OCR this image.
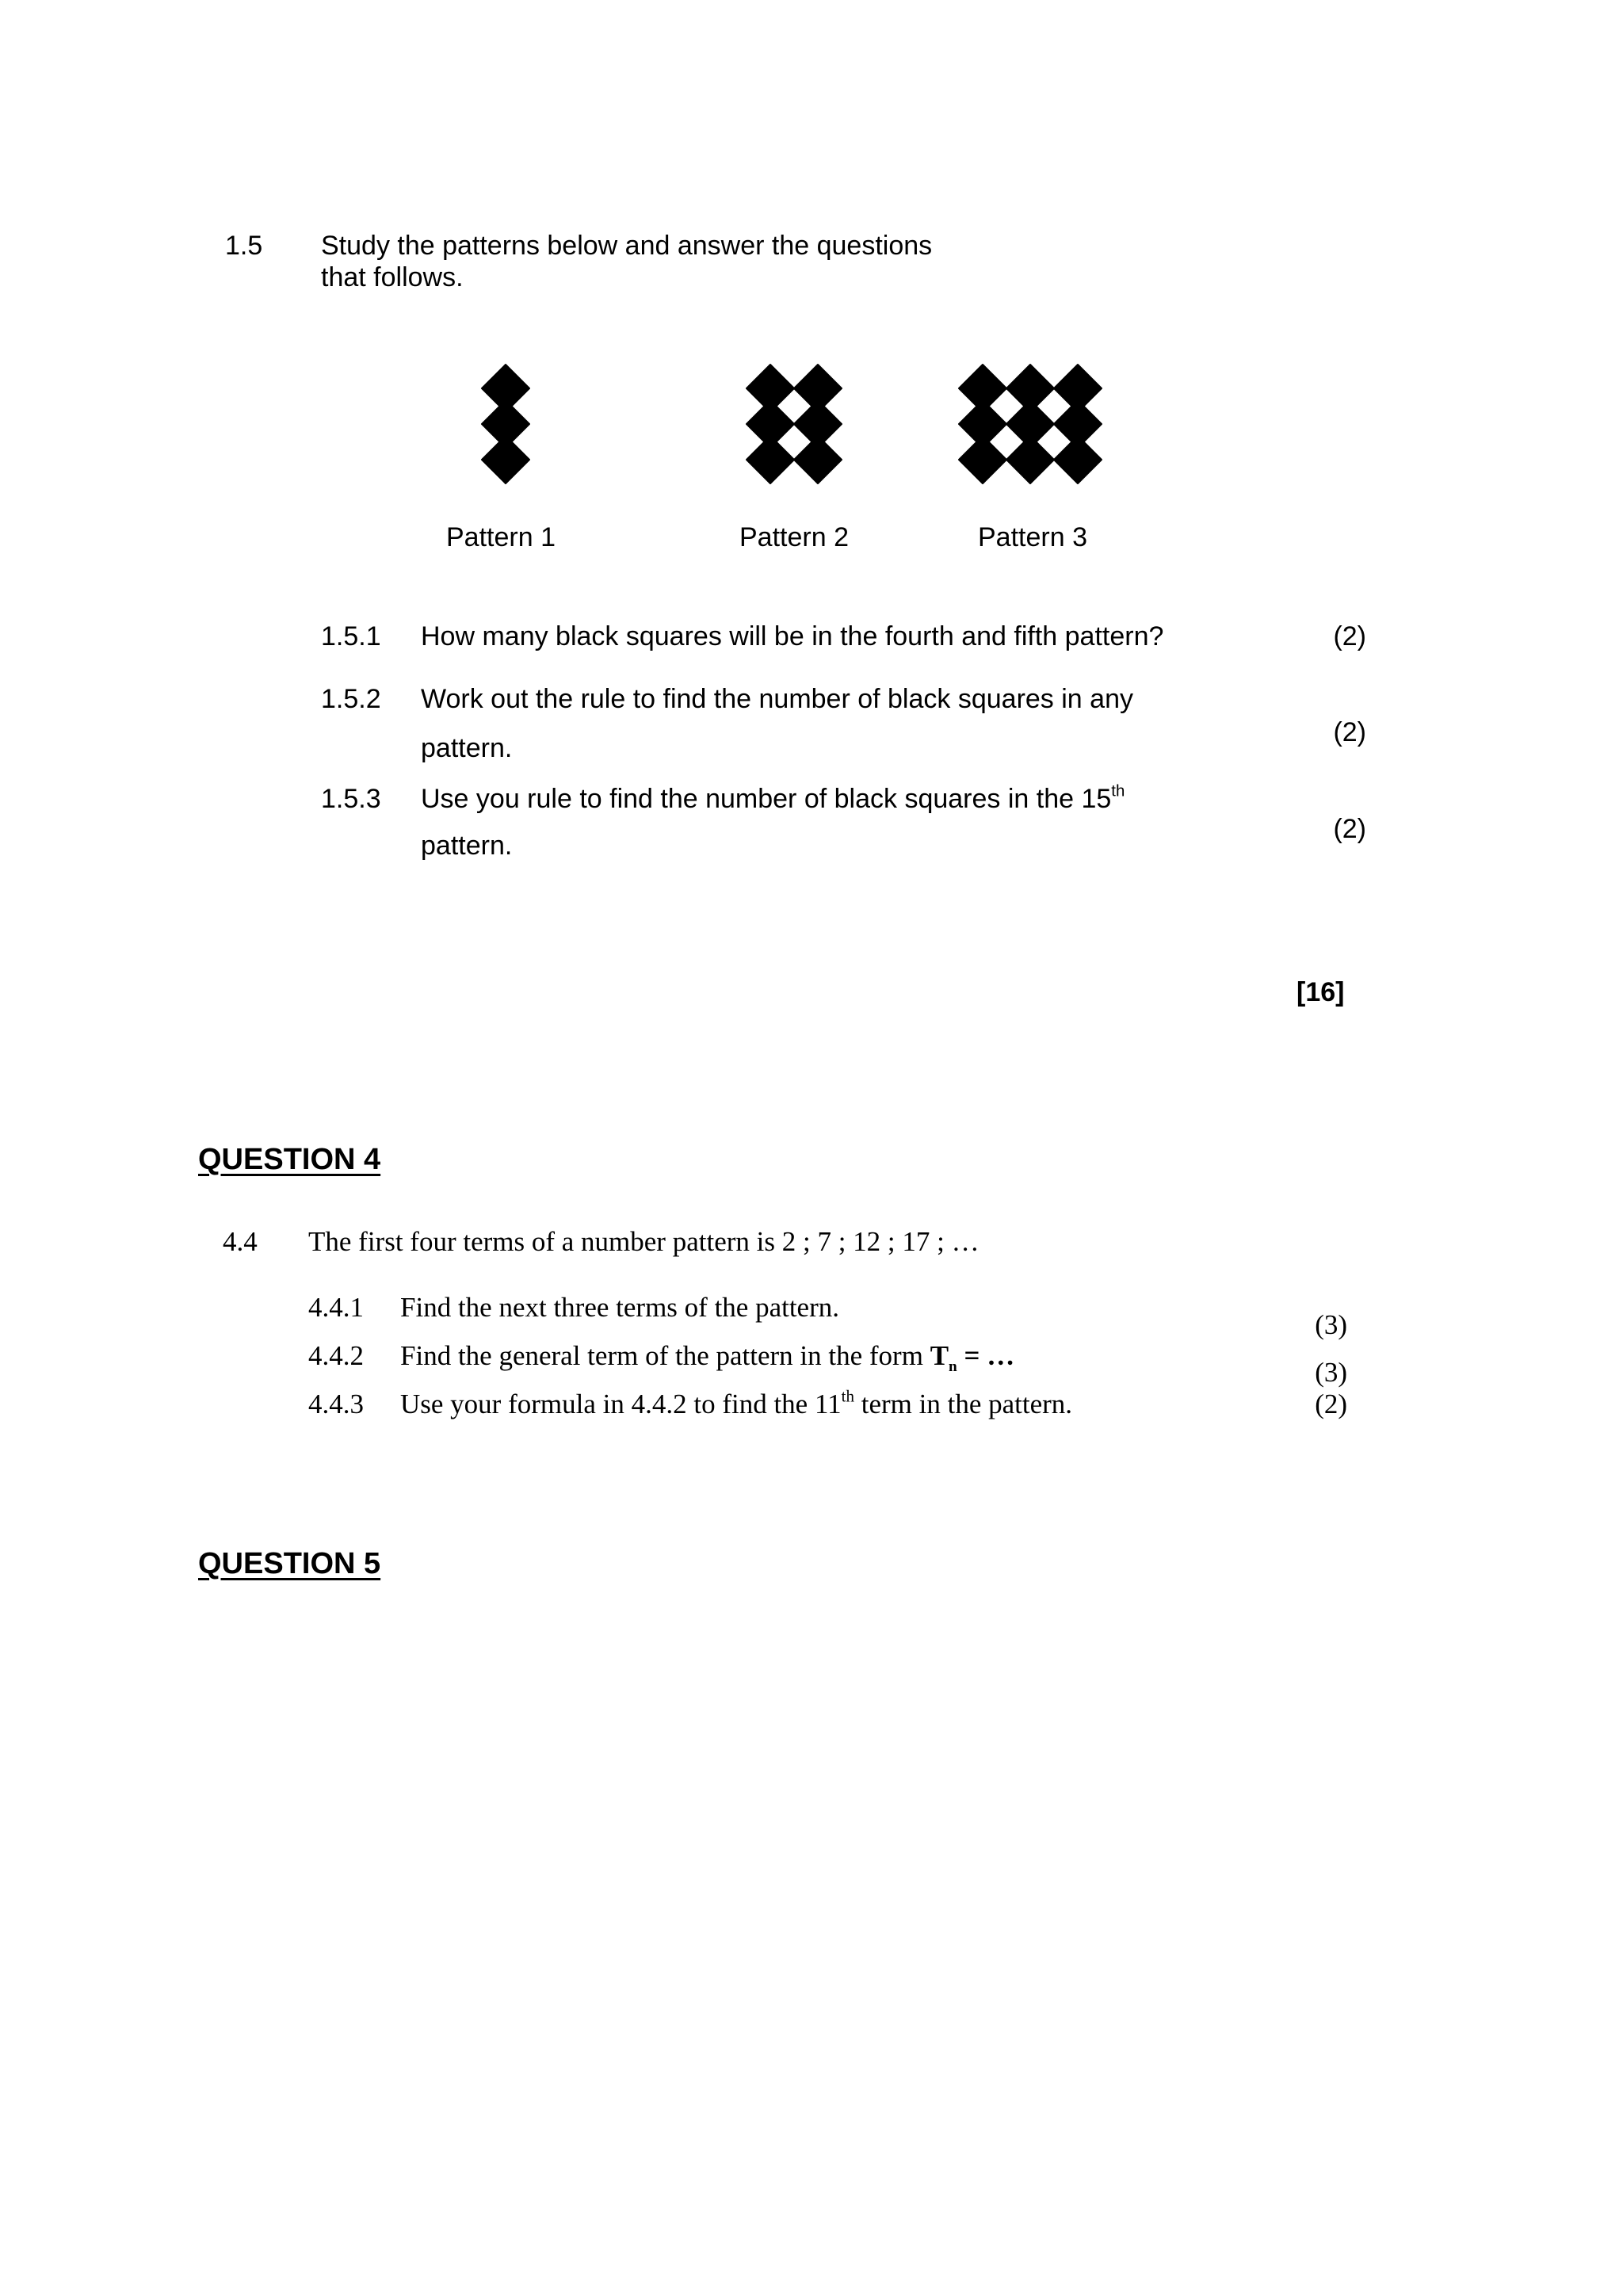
1.5 Study the patterns below and answer the questions
that follows.
Pattern 1	Pattern 2	Pattern 3
1.5.1 How many black squares will be in the fourth and fifth pattern?	(2)
1.5.2 Work out the rule to find the number of black squares in any
pattern.
(2)
1.5.3 Use you rule to find the number of black squares in the 15th
pattern.
(2)
[16]
QUESTION 4
4.4 The first four terms of a number pattern is 2 ; 7 ; 12 ; 17 ; …
4.4.1 Find the next three terms of the pattern.
(3)
4.4.2 Find the general term of the pattern in the form $T_n$ = …
(3)
4.4.3 Use your formula in 4.4.2 to find the 11th term in the pattern.	(2)
QUESTION 5
